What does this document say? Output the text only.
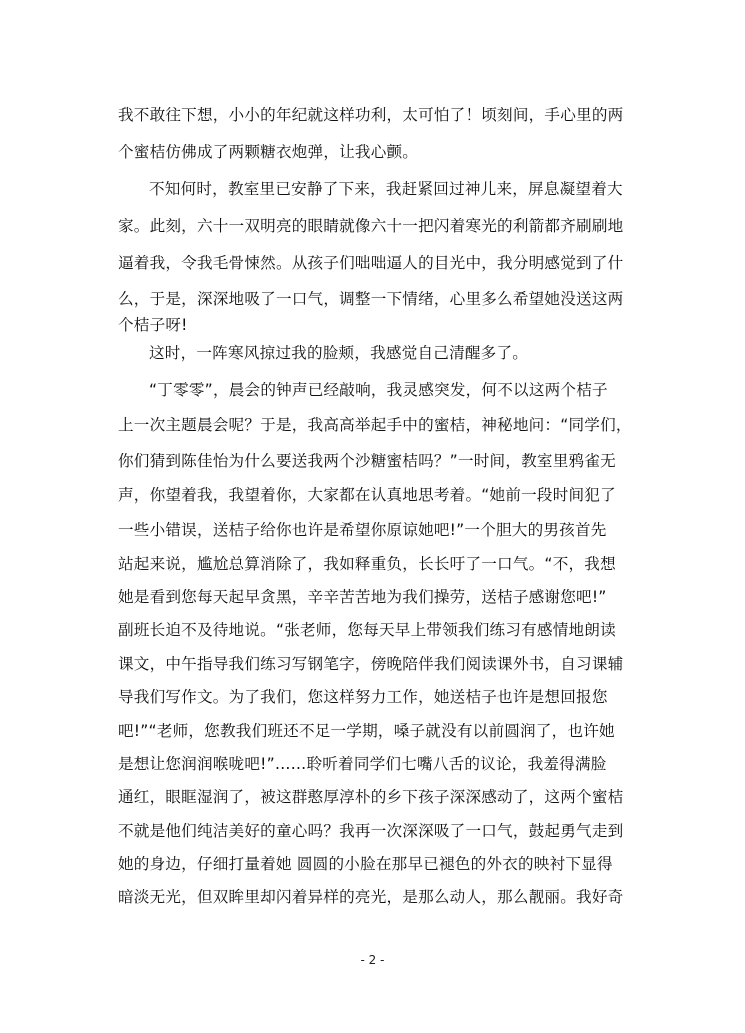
我不敢往下想，小小的年纪就这样功利，太可怕了！顷刻间，手心里的两
个蜜桔仿佛成了两颗糖衣炮弹，让我心颤。
不知何时，教室里已安静了下来，我赶紧回过神儿来，屏息凝望着大
家。此刻，六十一双明亮的眼睛就像六十一把闪着寒光的利箭都齐刷刷地
逼着我，令我毛骨悚然。从孩子们咄咄逼人的目光中，我分明感觉到了什
么，于是，深深地吸了一口气，调整一下情绪，心里多么希望她没送这两
个桔子呀!
这时，一阵寒风掠过我的脸颊，我感觉自己清醒多了。
“丁零零”，晨会的钟声已经敲响，我灵感突发，何不以这两个桔子
上一次主题晨会呢？于是，我高高举起手中的蜜桔，神秘地问：“同学们，
你们猜到陈佳怡为什么要送我两个沙糖蜜桔吗？”一时间，教室里鸦雀无
声，你望着我，我望着你，大家都在认真地思考着。“她前一段时间犯了
一些小错误，送桔子给你也许是希望你原谅她吧!”一个胆大的男孩首先
站起来说，尴尬总算消除了，我如释重负，长长吁了一口气。“不，我想
她是看到您每天起早贪黑，辛辛苦苦地为我们操劳，送桔子感谢您吧!”
副班长迫不及待地说。“张老师，您每天早上带领我们练习有感情地朗读
课文，中午指导我们练习写钢笔字，傍晚陪伴我们阅读课外书，自习课辅
导我们写作文。为了我们，您这样努力工作，她送桔子也许是想回报您
吧!”“老师，您教我们班还不足一学期，嗓子就没有以前圆润了，也许她
是想让您润润喉咙吧!”……聆听着同学们七嘴八舌的议论，我羞得满脸
通红，眼眶湿润了，被这群憨厚淳朴的乡下孩子深深感动了，这两个蜜桔
不就是他们纯洁美好的童心吗？我再一次深深吸了一口气，鼓起勇气走到
她的身边，仔细打量着她 圆圆的小脸在那早已褪色的外衣的映衬下显得
暗淡无光，但双眸里却闪着异样的亮光，是那么动人，那么靓丽。我好奇
- 2 -
